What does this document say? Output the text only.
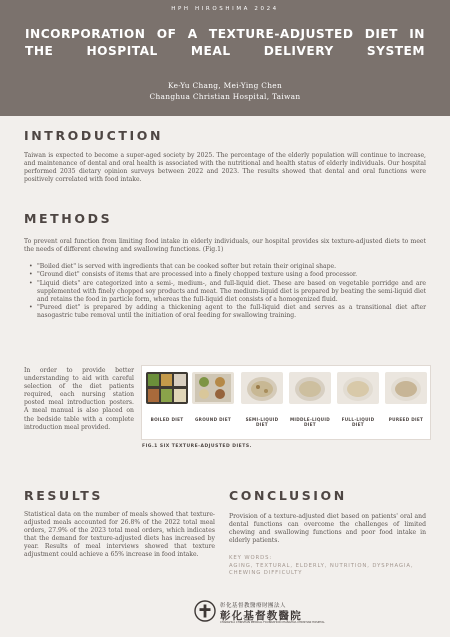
HPH HIROSHIMA 2024
INCORPORATION OF A TEXTURE-ADJUSTED DIET IN THE HOSPITAL MEAL DELIVERY SYSTEM
Ke-Yu Chang, Mei-Ying Chen
Changhua Christian Hospital, Taiwan
INTRODUCTION

Taiwan is expected to become a super-aged society by 2025. The percentage of the elderly population will continue to increase, and maintenance of dental and oral health is associated with the nutritional and health status of elderly individuals. Our hospital performed 2035 dietary opinion surveys between 2022 and 2023. The results showed that dental and oral functions were positively correlated with food intake.

METHODS

To prevent oral function from limiting food intake in elderly individuals, our hospital provides six texture-adjusted diets to meet the needs of different chewing and swallowing functions. (Fig.1)

• "Boiled diet" is served with ingredients that can be cooked softer but retain their original shape.
• "Ground diet" consists of items that are processed into a finely chopped texture using a food processor.
• "Liquid diets" are categorized into a semi-, medium-, and full-liquid diet. These are based on vegetable porridge and are supplemented with finely chopped soy products and meat. The medium-liquid diet is prepared by beating the semi-liquid diet and retains the food in particle form, whereas the full-liquid diet consists of a homogenized fluid.
• "Pureed diet" is prepared by adding a thickening agent to the full-liquid diet and serves as a transitional diet after nasogastric tube removal until the initiation of oral feeding for swallowing training.

In order to provide better understanding to aid with careful selection of the diet patients required, each nursing station posted meal introduction posters. A meal manual is also placed on the bedside table with a complete introduction meal provided.

BOILED DIET	GROUND DIET	SEMI-LIQUID DIET
MIDDLE-LIQUID DIET
FULL-LIQUID DIET
PUREED DIET
FIG.1 SIX TEXTURE-ADJUSTED DIETS.
RESULTS

Statistical data on the number of meals showed that texture-adjusted meals accounted for 26.8% of the 2022 total meal orders, 27.9% of the 2023 total meal orders, which indicates that the demand for texture-adjusted diets has increased by year. Results of meal interviews showed that texture adjustment could achieve a 65% increase in food intake.

CONCLUSION

Provision of a texture-adjusted diet based on patients' oral and dental functions can overcome the challenges of limited chewing and swallowing functions and poor food intake in elderly patients.

KEY WORDS:
AGING, TEXTURAL, ELDERLY, NUTRITION, DYSPHAGIA, CHEWING DIFFICULTY
彰化基督教醫療財團法人
彰化基督教醫院
CHANGHUA CHRISTIAN MEDICAL FOUNDATION CHANGHUA CHRISTIAN HOSPITAL
